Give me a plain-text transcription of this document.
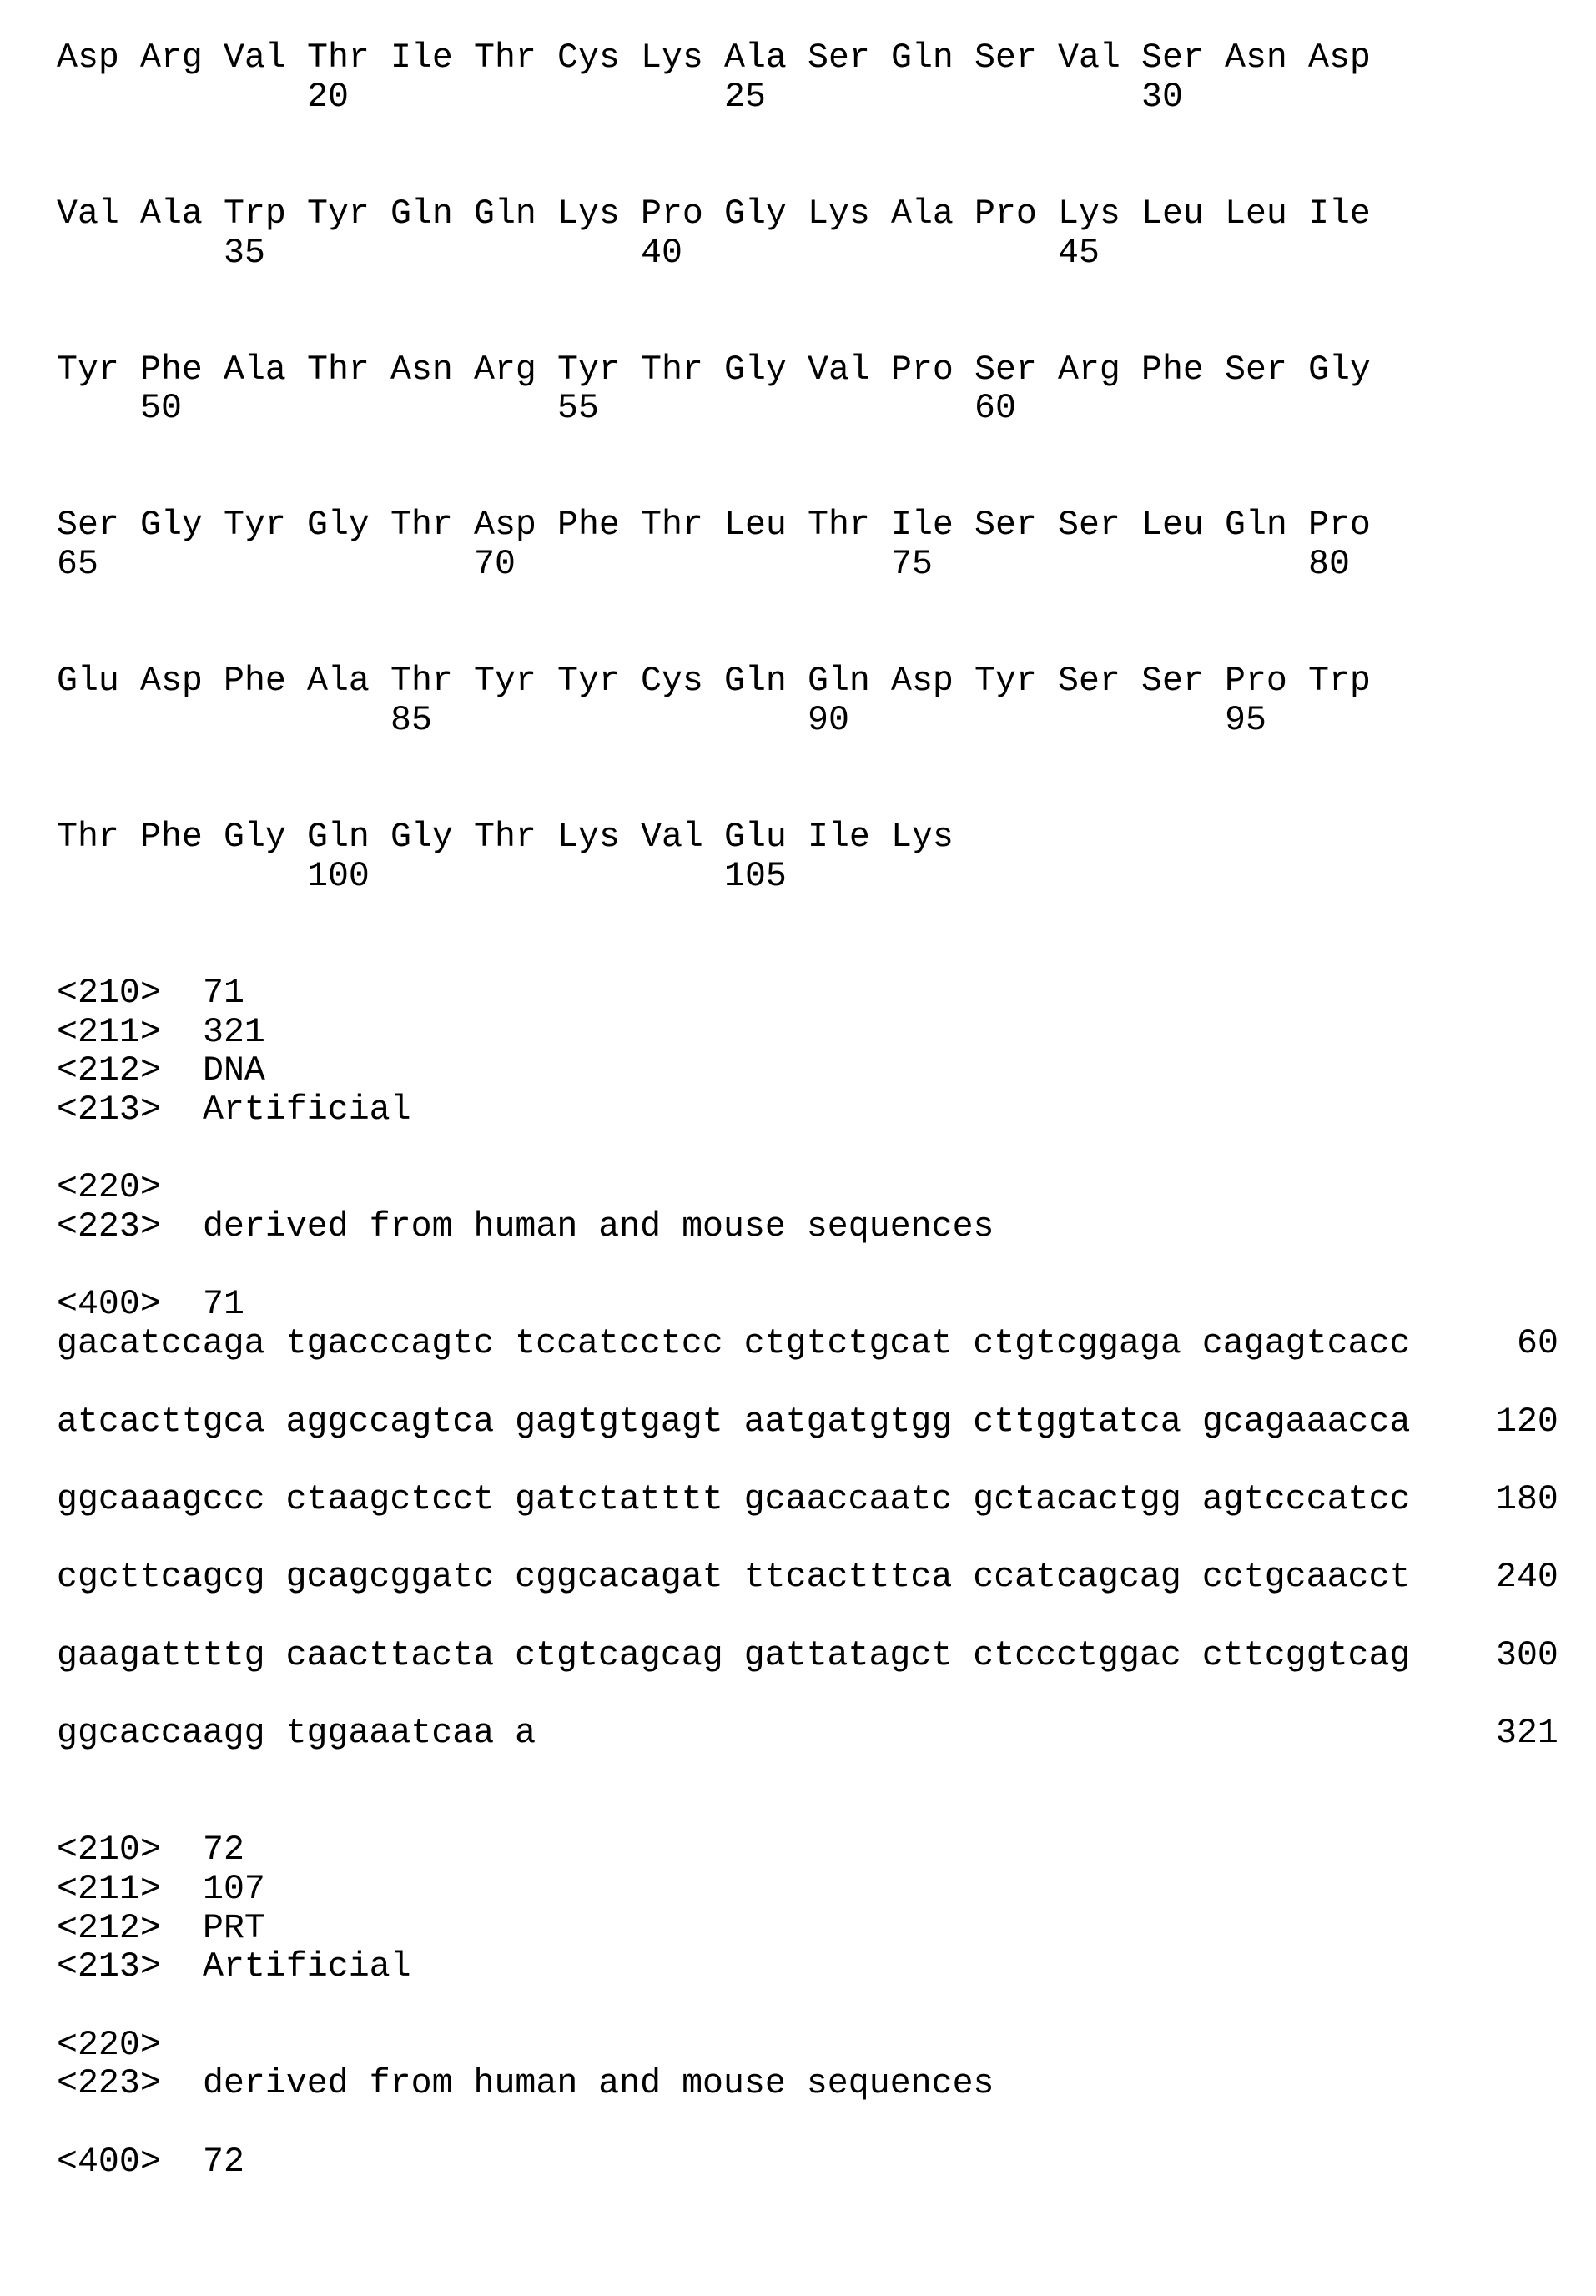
Asp Arg Val Thr Ile Thr Cys Lys Ala Ser Gln Ser Val Ser Asn Asp
20	25	30
Val Ala Trp Tyr Gln Gln Lys Pro Gly Lys Ala Pro Lys Leu Leu Ile
35	40	45
Tyr Phe Ala Thr Asn Arg Tyr Thr Gly Val Pro Ser Arg Phe Ser Gly
50	55	60
Ser Gly Tyr Gly Thr Asp Phe Thr Leu Thr Ile Ser Ser Leu Gln Pro
65	70	75	80
Glu Asp Phe Ala Thr Tyr Tyr Cys Gln Gln Asp Tyr Ser Ser Pro Trp
85	90	95
Thr Phe Gly Gln Gly Thr Lys Val Glu Ile Lys
100	105
<210> 71
<211> 321
<212> DNA
<213> Artificial
<220>
<223> derived from human and mouse sequences
<400> 71
gacatccaga tgacccagtc tccatcctcc ctgtctgcat ctgtcggaga cagagtcacc	60
atcacttgca aggccagtca gagtgtgagt aatgatgtgg cttggtatca gcagaaacca 120
ggcaaagccc ctaagctcct gatctatttt gcaaccaatc gctacactgg agtcccatcc 180
cgcttcagcg gcagcggatc cggcacagat ttcactttca ccatcagcag cctgcaacct 240
gaagattttg caacttacta ctgtcagcag gattatagct ctccctggac cttcggtcag 300
ggcaccaagg tggaaatcaa a	321
<210> 72
<211> 107
<212> PRT
<213> Artificial
<220>
<223> derived from human and mouse sequences
<400> 72
